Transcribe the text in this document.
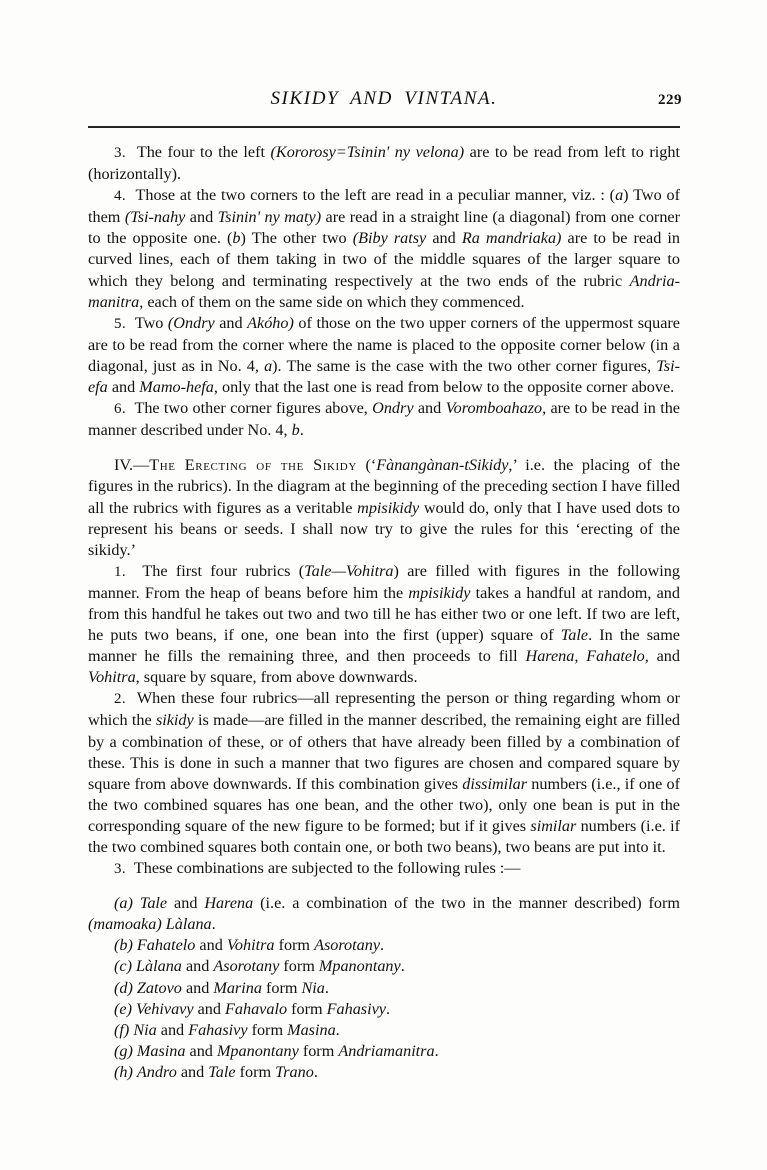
SIKIDY AND VINTANA.	229

3. The four to the left (Kororosy=Tsinin' ny velona) are to be read from left to right (horizontally).

4. Those at the two corners to the left are read in a peculiar manner, viz. : (a) Two of them (Tsi-nahy and Tsinin' ny maty) are read in a straight line (a diagonal) from one corner to the opposite one. (b) The other two (Biby ratsy and Ra mandriaka) are to be read in curved lines, each of them taking in two of the middle squares of the larger square to which they belong and terminating respectively at the two ends of the rubric Andria-manitra, each of them on the same side on which they commenced.

5. Two (Ondry and Akóho) of those on the two upper corners of the uppermost square are to be read from the corner where the name is placed to the opposite corner below (in a diagonal, just as in No. 4, a). The same is the case with the two other corner figures, Tsi-efa and Mamo-hefa, only that the last one is read from below to the opposite corner above.

6. The two other corner figures above, Ondry and Voromboahazo, are to be read in the manner described under No. 4, b.

IV.—The Erecting of the Sikidy (‘Fànangànan-tSikidy,’ i.e. the placing of the figures in the rubrics). In the diagram at the beginning of the preceding section I have filled all the rubrics with figures as a veritable mpisikidy would do, only that I have used dots to represent his beans or seeds. I shall now try to give the rules for this ‘erecting of the sikidy.’

1. The first four rubrics (Tale—Vohitra) are filled with figures in the following manner. From the heap of beans before him the mpisikidy takes a handful at random, and from this handful he takes out two and two till he has either two or one left. If two are left, he puts two beans, if one, one bean into the first (upper) square of Tale. In the same manner he fills the remaining three, and then proceeds to fill Harena, Fahatelo, and Vohitra, square by square, from above downwards.

2. When these four rubrics—all representing the person or thing regarding whom or which the sikidy is made—are filled in the manner described, the remaining eight are filled by a combination of these, or of others that have already been filled by a combination of these. This is done in such a manner that two figures are chosen and compared square by square from above downwards. If this combination gives dissimilar numbers (i.e., if one of the two combined squares has one bean, and the other two), only one bean is put in the corresponding square of the new figure to be formed; but if it gives similar numbers (i.e. if the two combined squares both contain one, or both two beans), two beans are put into it.

3. These combinations are subjected to the following rules :—

(a) Tale and Harena (i.e. a combination of the two in the manner described) form (mamoaka) Làlana.

(b) Fahatelo and Vohitra form Asorotany.

(c) Làlana and Asorotany form Mpanontany.

(d) Zatovo and Marina form Nia.

(e) Vehivavy and Fahavalo form Fahasivy.

(f) Nia and Fahasivy form Masina.

(g) Masina and Mpanontany form Andriamanitra.

(h) Andro and Tale form Trano.
